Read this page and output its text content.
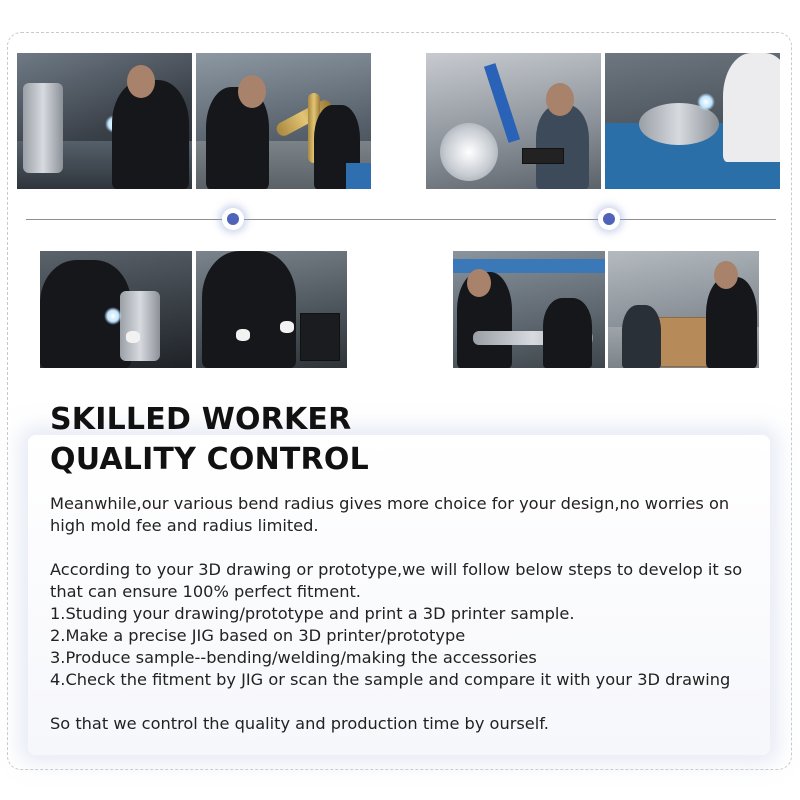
SKILLED WORKER
QUALITY CONTROL

Meanwhile,our various bend radius gives more choice for your design,no worries on high mold fee and radius limited.

According to your 3D drawing or prototype,we will follow below steps to develop it so that can ensure 100% perfect fitment.

1.Studing your drawing/prototype and print a 3D printer sample.

2.Make a precise JIG based on 3D printer/prototype

3.Produce sample--bending/welding/making the accessories

4.Check the fitment by JIG or scan the sample and compare it with your 3D drawing

So that we control the quality and production time by ourself.
